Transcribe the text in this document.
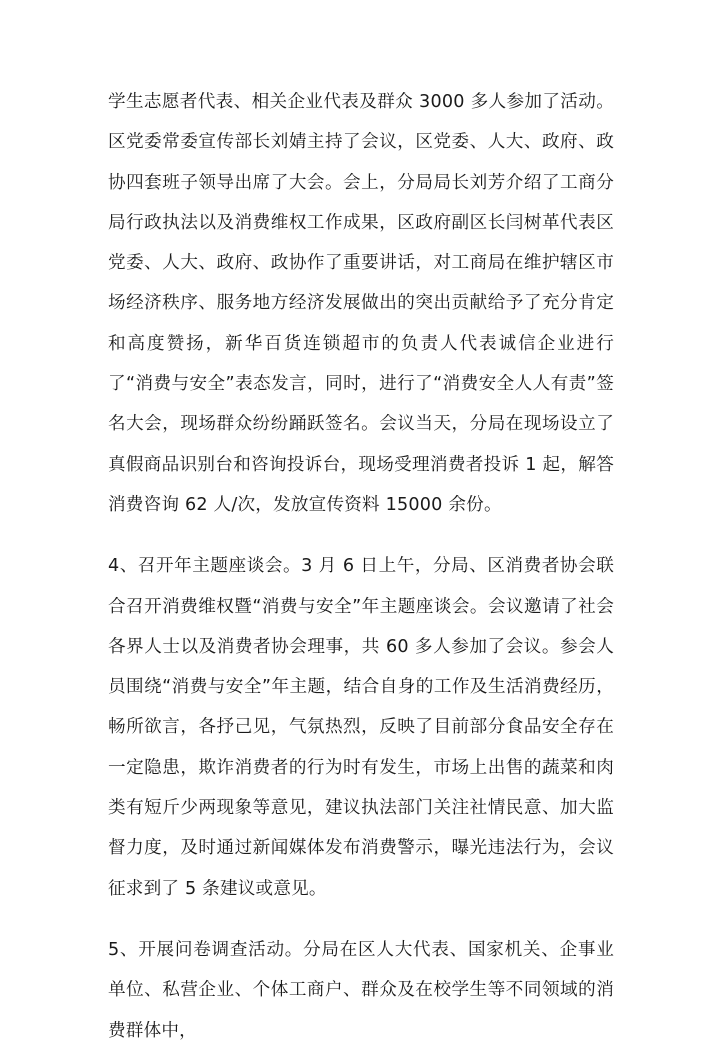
学生志愿者代表、相关企业代表及群众 3000 多人参加了活动。区党委常委宣传部长刘婧主持了会议，区党委、人大、政府、政协四套班子领导出席了大会。会上，分局局长刘芳介绍了工商分局行政执法以及消费维权工作成果，区政府副区长闫树革代表区党委、人大、政府、政协作了重要讲话，对工商局在维护辖区市场经济秩序、服务地方经济发展做出的突出贡献给予了充分肯定和高度赞扬，新华百货连锁超市的负责人代表诚信企业进行了“消费与安全”表态发言，同时，进行了“消费安全人人有责”签名大会，现场群众纷纷踊跃签名。会议当天，分局在现场设立了真假商品识别台和咨询投诉台，现场受理消费者投诉 1 起，解答消费咨询 62 人/次，发放宣传资料 15000 余份。

4、召开年主题座谈会。3 月 6 日上午，分局、区消费者协会联合召开消费维权暨“消费与安全”年主题座谈会。会议邀请了社会各界人士以及消费者协会理事，共 60 多人参加了会议。参会人员围绕“消费与安全”年主题，结合自身的工作及生活消费经历，畅所欲言，各抒己见，气氛热烈，反映了目前部分食品安全存在一定隐患，欺诈消费者的行为时有发生，市场上出售的蔬菜和肉类有短斤少两现象等意见，建议执法部门关注社情民意、加大监督力度，及时通过新闻媒体发布消费警示，曝光违法行为，会议征求到了 5 条建议或意见。

5、开展问卷调查活动。分局在区人大代表、国家机关、企事业单位、私营企业、个体工商户、群众及在校学生等不同领域的消费群体中，
